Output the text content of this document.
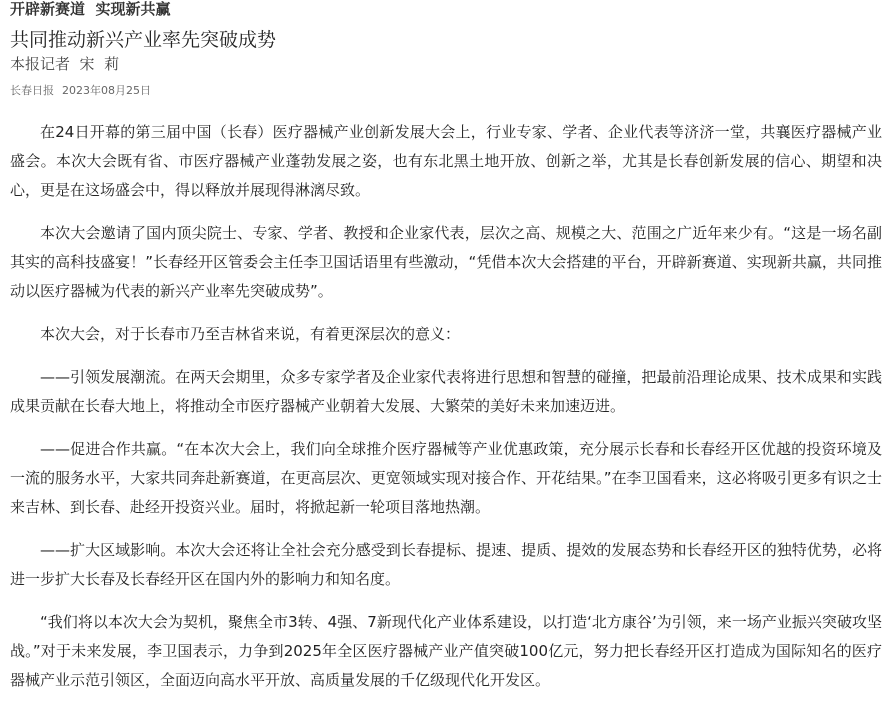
开辟新赛道  实现新共赢
共同推动新兴产业率先突破成势
本报记者  宋  莉
长春日报 2023年08月25日

在24日开幕的第三届中国（长春）医疗器械产业创新发展大会上，行业专家、学者、企业代表等济济一堂，共襄医疗器械产业盛会。本次大会既有省、市医疗器械产业蓬勃发展之姿，也有东北黑土地开放、创新之举，尤其是长春创新发展的信心、期望和决心，更是在这场盛会中，得以释放并展现得淋漓尽致。

本次大会邀请了国内顶尖院士、专家、学者、教授和企业家代表，层次之高、规模之大、范围之广近年来少有。“这是一场名副其实的高科技盛宴！”长春经开区管委会主任李卫国话语里有些激动，“凭借本次大会搭建的平台，开辟新赛道、实现新共赢，共同推动以医疗器械为代表的新兴产业率先突破成势”。

本次大会，对于长春市乃至吉林省来说，有着更深层次的意义：

——引领发展潮流。在两天会期里，众多专家学者及企业家代表将进行思想和智慧的碰撞，把最前沿理论成果、技术成果和实践成果贡献在长春大地上，将推动全市医疗器械产业朝着大发展、大繁荣的美好未来加速迈进。

——促进合作共赢。“在本次大会上，我们向全球推介医疗器械等产业优惠政策，充分展示长春和长春经开区优越的投资环境及一流的服务水平，大家共同奔赴新赛道，在更高层次、更宽领域实现对接合作、开花结果。”在李卫国看来，这必将吸引更多有识之士来吉林、到长春、赴经开投资兴业。届时，将掀起新一轮项目落地热潮。

——扩大区域影响。本次大会还将让全社会充分感受到长春提标、提速、提质、提效的发展态势和长春经开区的独特优势，必将进一步扩大长春及长春经开区在国内外的影响力和知名度。

“我们将以本次大会为契机，聚焦全市3转、4强、7新现代化产业体系建设，以打造‘北方康谷’为引领，来一场产业振兴突破攻坚战。”对于未来发展，李卫国表示，力争到2025年全区医疗器械产业产值突破100亿元，努力把长春经开区打造成为国际知名的医疗器械产业示范引领区，全面迈向高水平开放、高质量发展的千亿级现代化开发区。
